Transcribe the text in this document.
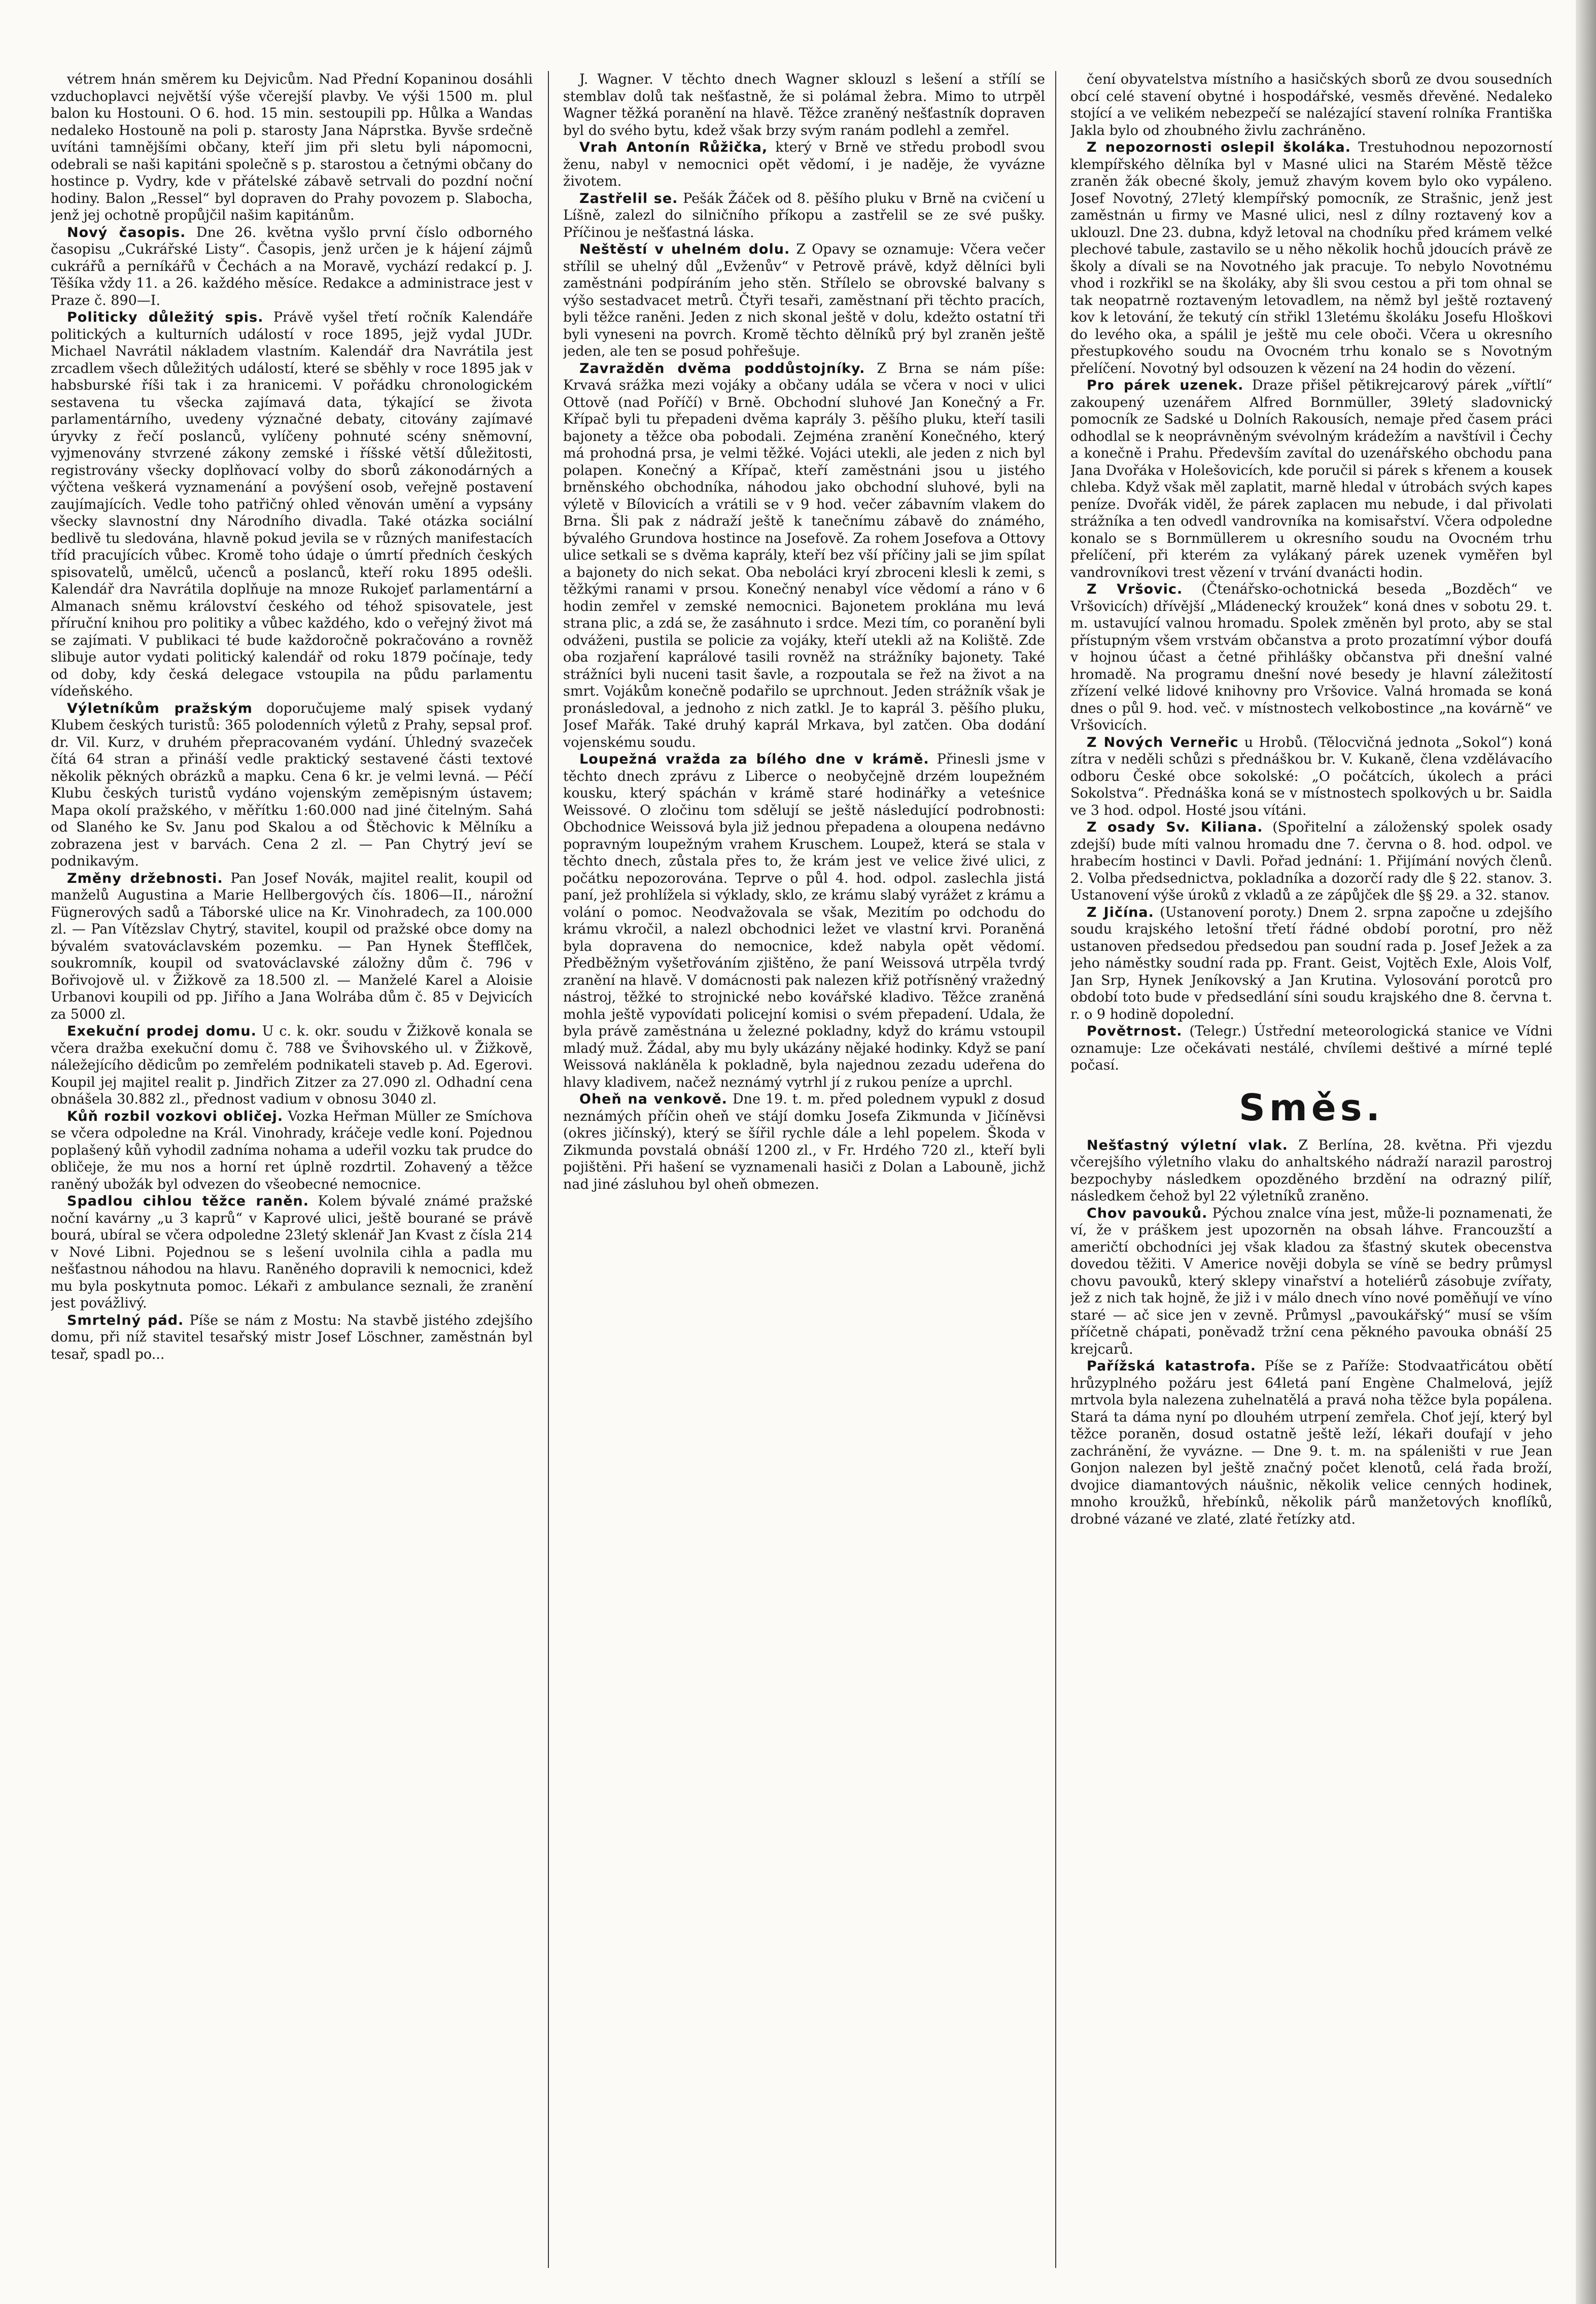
vétrem hnán směrem ku Dejvicům. Nad Přední Kopaninou dosáhli vzduchoplavci největší výše včerejší plavby. Ve výši 1500 m. plul balon ku Hostouni. O 6. hod. 15 min. sestoupili pp. Hůlka a Wandas nedaleko Hostouně na poli p. starosty Jana Náprstka. Byvše srdečně uvítáni tamnějšími občany, kteří jim při sletu byli nápomocni, odebrali se naši kapitáni společně s p. starostou a četnými občany do hostince p. Vydry, kde v přátelské zábavě setrvali do pozdní noční hodiny. Balon „Ressel“ byl dopraven do Prahy povozem p. Slabocha, jenž jej ochotně propůjčil našim kapitánům.

Nový časopis. Dne 26. května vyšlo první číslo odborného časopisu „Cukrářské Listy“. Časopis, jenž určen je k hájení zájmů cukrářů a perníkářů v Čechách a na Moravě, vychází redakcí p. J. Těšíka vždy 11. a 26. každého měsíce. Redakce a administrace jest v Praze č. 890—I.

Politicky důležitý spis. Právě vyšel třetí ročník Kalendáře politických a kulturních událostí v roce 1895, jejž vydal JUDr. Michael Navrátil nákladem vlastním. Kalendář dra Navrátila jest zrcadlem všech důležitých událostí, které se sběhly v roce 1895 jak v habsburské říši tak i za hranicemi. V pořádku chronologickém sestavena tu všecka zajímavá data, týkající se života parlamentárního, uvedeny význačné debaty, citovány zajímavé úryvky z řečí poslanců, vylíčeny pohnuté scény sněmovní, vyjmenovány stvrzené zákony zemské i říšské větší důležitosti, registrovány všecky doplňovací volby do sborů zákonodárných a výčtena veškerá vyznamenání a povýšení osob, veřejně postavení zaujímajících. Vedle toho patřičný ohled věnován umění a vypsány všecky slavnostní dny Národního divadla. Také otázka sociální bedlivě tu sledována, hlavně pokud jevila se v různých manifestacích tříd pracujících vůbec. Kromě toho údaje o úmrtí předních českých spisovatelů, umělců, učenců a poslanců, kteří roku 1895 odešli. Kalendář dra Navrátila doplňuje na mnoze Rukojeť parlamentární a Almanach sněmu království českého od téhož spisovatele, jest příruční knihou pro politiky a vůbec každého, kdo o veřejný život má se zajímati. V publikaci té bude každoročně pokračováno a rovněž slibuje autor vydati politický kalendář od roku 1879 počínaje, tedy od doby, kdy česká delegace vstoupila na půdu parlamentu vídeňského.

Výletníkům pražským doporučujeme malý spisek vydaný Klubem českých turistů: 365 polodenních výletů z Prahy, sepsal prof. dr. Vil. Kurz, v druhém přepracovaném vydání. Úhledný svazeček čítá 64 stran a přináší vedle praktický sestavené části textové několik pěkných obrázků a mapku. Cena 6 kr. je velmi levná. — Péčí Klubu českých turistů vydáno vojenským zeměpisným ústavem; Mapa okolí pražského, v měřítku 1:60.000 nad jiné čitelným. Sahá od Slaného ke Sv. Janu pod Skalou a od Štěchovic k Mělníku a zobrazena jest v barvách. Cena 2 zl. — Pan Chytrý jeví se podnikavým.

Změny držebnosti. Pan Josef Novák, majitel realit, koupil od manželů Augustina a Marie Hellbergových čís. 1806—II., nárožní Fügnerových sadů a Táborské ulice na Kr. Vinohradech, za 100.000 zl. — Pan Vítězslav Chytrý, stavitel, koupil od pražské obce domy na bývalém svatováclavském pozemku. — Pan Hynek Štefflček, soukromník, koupil od svatováclavské záložny dům č. 796 v Bořivojově ul. v Žižkově za 18.500 zl. — Manželé Karel a Aloisie Urbanovi koupili od pp. Jiřího a Jana Wolrába dům č. 85 v Dejvicích za 5000 zl.

Exekuční prodej domu. U c. k. okr. soudu v Žižkově konala se včera dražba exekuční domu č. 788 ve Švihovského ul. v Žižkově, náležejícího dědicům po zemřelém podnikateli staveb p. Ad. Egerovi. Koupil jej majitel realit p. Jindřich Zitzer za 27.090 zl. Odhadní cena obnášela 30.882 zl., přednost vadium v obnosu 3040 zl.

Kůň rozbil vozkovi obličej. Vozka Heřman Müller ze Smíchova se včera odpoledne na Král. Vinohrady, kráčeje vedle koní. Pojednou poplašený kůň vyhodil zadníma nohama a udeřil vozku tak prudce do obličeje, že mu nos a horní ret úplně rozdrtil. Zohavený a těžce raněný ubožák byl odvezen do všeobecné nemocnice.

Spadlou cihlou těžce raněn. Kolem bývalé známé pražské noční kavárny „u 3 kaprů“ v Kaprové ulici, ještě bourané se právě bourá, ubíral se včera odpoledne 23letý sklenář Jan Kvast z čísla 214 v Nové Libni. Pojednou se s lešení uvolnila cihla a padla mu nešťastnou náhodou na hlavu. Raněného dopravili k nemocnici, kdež mu byla poskytnuta pomoc. Lékaři z ambulance seznali, že zranění jest povážlivý.

Smrtelný pád. Píše se nám z Mostu: Na stavbě jistého zdejšího domu, při níž stavitel tesařský mistr Josef Löschner, zaměstnán byl tesař, spadl po...

J. Wagner. V těchto dnech Wagner sklouzl s lešení a střílí se stemblav dolů tak nešťastně, že si polámal žebra. Mimo to utrpěl Wagner těžká poranění na hlavě. Těžce zraněný nešťastník dopraven byl do svého bytu, kdež však brzy svým ranám podlehl a zemřel.

Vrah Antonín Růžička, který v Brně ve středu probodl svou ženu, nabyl v nemocnici opět vědomí, i je naděje, že vyvázne životem.

Zastřelil se. Pešák Žáček od 8. pěšího pluku v Brně na cvičení u Líšně, zalezl do silničního příkopu a zastřelil se ze své pušky. Příčinou je nešťastná láska.

Neštěstí v uhelném dolu. Z Opavy se oznamuje: Včera večer střílil se uhelný důl „Evženův“ v Petrově právě, když dělníci byli zaměstnáni podpíráním jeho stěn. Střílelo se obrovské balvany s výšo sestadvacet metrů. Čtyři tesaři, zaměstnaní při těchto pracích, byli těžce raněni. Jeden z nich skonal ještě v dolu, kdežto ostatní tři byli vyneseni na povrch. Kromě těchto dělníků prý byl zraněn ještě jeden, ale ten se posud pohřešuje.

Zavražděn dvěma poddůstojníky. Z Brna se nám píše: Krvavá srážka mezi vojáky a občany udála se včera v noci v ulici Ottově (nad Poříčí) v Brně. Obchodní sluhové Jan Konečný a Fr. Křípač byli tu přepadeni dvěma kaprály 3. pěšího pluku, kteří tasili bajonety a těžce oba pobodali. Zejména zranění Konečného, který má prohodná prsa, je velmi těžké. Vojáci utekli, ale jeden z nich byl polapen. Konečný a Křípač, kteří zaměstnáni jsou u jistého brněnského obchodníka, náhodou jako obchodní sluhové, byli na výletě v Bílovicích a vrátili se v 9 hod. večer zábavním vlakem do Brna. Šli pak z nádraží ještě k tanečnímu zábavě do známého, bývalého Grundova hostince na Josefově. Za rohem Josefova a Ottovy ulice setkali se s dvěma kaprály, kteří bez vší příčiny jali se jim spílat a bajonety do nich sekat. Oba neboláci kryí zbroceni klesli k zemi, s těžkými ranami v prsou. Konečný nenabyl více vědomí a ráno v 6 hodin zemřel v zemské nemocnici. Bajonetem proklána mu levá strana plic, a zdá se, že zasáhnuto i srdce. Mezi tím, co poranění byli odváženi, pustila se policie za vojáky, kteří utekli až na Koliště. Zde oba rozjaření kaprálové tasili rovněž na strážníky bajonety. Také strážníci byli nuceni tasit šavle, a rozpoutala se řež na život a na smrt. Vojákům konečně podařilo se uprchnout. Jeden strážník však je pronásledoval, a jednoho z nich zatkl. Je to kaprál 3. pěšího pluku, Josef Mařák. Také druhý kaprál Mrkava, byl zatčen. Oba dodání vojenskému soudu.

Loupežná vražda za bílého dne v krámě. Přinesli jsme v těchto dnech zprávu z Liberce o neobyčejně drzém loupežném kousku, který spáchán v krámě staré hodinářky a veteśnice Weissové. O zločinu tom sdělují se ještě následující podrobnosti: Obchodnice Weissová byla již jednou přepadena a oloupena nedávno popravným loupežným vrahem Kruschem. Loupež, která se stala v těchto dnech, zůstala přes to, že krám jest ve velice živé ulici, z počátku nepozorována. Teprve o půl 4. hod. odpol. zaslechla jistá paní, jež prohlížela si výklady, sklo, ze krámu slabý vyrážet z krámu a volání o pomoc. Neodvažovala se však, Mezitím po odchodu do krámu vkročil, a nalezl obchodnici ležet ve vlastní krvi. Poraněná byla dopravena do nemocnice, kdež nabyla opět vědomí. Předběžným vyšetřováním zjištěno, že paní Weissová utrpěla tvrdý zranění na hlavě. V domácnosti pak nalezen křiž potřísněný vražedný nástroj, těžké to strojnické nebo kovářské kladivo. Těžce zraněná mohla ještě vypovídati policejní komisi o svém přepadení. Udala, že byla právě zaměstnána u železné pokladny, když do krámu vstoupil mladý muž. Žádal, aby mu byly ukázány nějaké hodinky. Když se paní Weissová nakláněla k pokladně, byla najednou zezadu udeřena do hlavy kladivem, načež neznámý vytrhl jí z rukou peníze a uprchl.

Oheň na venkově. Dne 19. t. m. před polednem vypukl z dosud neznámých příčin oheň ve stájí domku Josefa Zikmunda v Jičíněvsi (okres jičínský), který se šířil rychle dále a lehl popelem. Škoda v Zikmunda povstalá obnáší 1200 zl., v Fr. Hrdého 720 zl., kteří byli pojištěni. Při hašení se vyznamenali hasiči z Dolan a Labouně, jichž nad jiné zásluhou byl oheň obmezen.

čení obyvatelstva místního a hasičských sborů ze dvou sousedních obcí celé stavení obytné i hospodářské, vesměs dřevěné. Nedaleko stojící a ve velikém nebezpečí se nalézající stavení rolníka Františka Jakla bylo od zhoubného živlu zachráněno.

Z nepozornosti oslepil školáka. Trestuhodnou nepozorností klempířského dělníka byl v Masné ulici na Starém Městě těžce zraněn žák obecné školy, jemuž zhavým kovem bylo oko vypáleno. Josef Novotný, 27letý klempířský pomocník, ze Strašnic, jenž jest zaměstnán u firmy ve Masné ulici, nesl z dílny roztavený kov a uklouzl. Dne 23. dubna, když letoval na chodníku před krámem velké plechové tabule, zastavilo se u něho několik hochů jdoucích právě ze školy a dívali se na Novotného jak pracuje. To nebylo Novotnému vhod i rozkřikl se na školáky, aby šli svou cestou a při tom ohnal se tak neopatrně roztaveným letovadlem, na němž byl ještě roztavený kov k letování, že tekutý cín střikl 13letému školáku Josefu Hloškovi do levého oka, a spálil je ještě mu cele oboči. Včera u okresního přestupkového soudu na Ovocném trhu konalo se s Novotným přelíčení. Novotný byl odsouzen k vězení na 24 hodin do vězení.

Pro párek uzenek. Draze přišel pětikrejcarový párek „vířtlí“ zakoupený uzenářem Alfred Bornmüller, 39letý sladovnický pomocník ze Sadské u Dolních Rakousích, nemaje před časem práci odhodlal se k neoprávněným svévolným krádežím a navštívil i Čechy a konečně i Prahu. Především zavítal do uzenářského obchodu pana Jana Dvořáka v Holešovicích, kde poručil si párek s křenem a kousek chleba. Když však měl zaplatit, marně hledal v útrobách svých kapes peníze. Dvořák viděl, že párek zaplacen mu nebude, i dal přivolati strážníka a ten odvedl vandrovníka na komisařství. Včera odpoledne konalo se s Bornmüllerem u okresního soudu na Ovocném trhu přelíčení, při kterém za vylákaný párek uzenek vyměřen byl vandrovníkovi trest vězení v trvání dvanácti hodin.

Z Vršovic. (Čtenářsko-ochotnická beseda „Bozděch“ ve Vršovicích) dřívější „Mládenecký kroužek“ koná dnes v sobotu 29. t. m. ustavující valnou hromadu. Spolek změněn byl proto, aby se stal přístupným všem vrstvám občanstva a proto prozatímní výbor doufá v hojnou účast a četné přihlášky občanstva při dnešní valné hromadě. Na programu dnešní nové besedy je hlavní záležitostí zřízení velké lidové knihovny pro Vršovice. Valná hromada se koná dnes o půl 9. hod. več. v místnostech velkobostince „na kovárně“ ve Vršovicích.

Z Nových Verneřic u Hrobů. (Tělocvičná jednota „Sokol“) koná zítra v neděli schůzi s přednáškou br. V. Kukaně, člena vzdělávacího odboru České obce sokolské: „O počátcích, úkolech a práci Sokolstva“. Přednáška koná se v místnostech spolkových u br. Saidla ve 3 hod. odpol. Hosté jsou vítáni.

Z osady Sv. Kiliana. (Spořitelní a záloženský spolek osady zdejší) bude míti valnou hromadu dne 7. června o 8. hod. odpol. ve hrabecím hostinci v Davli. Pořad jednání: 1. Přijímání nových členů. 2. Volba předsednictva, pokladníka a dozorčí rady dle § 22. stanov. 3. Ustanovení výše úroků z vkladů a ze zápůjček dle §§ 29. a 32. stanov.

Z Jičína. (Ustanovení poroty.) Dnem 2. srpna započne u zdejšího soudu krajského letošní třetí řádné období porotní, pro něž ustanoven předsedou předsedou pan soudní rada p. Josef Ježek a za jeho náměstky soudní rada pp. Frant. Geist, Vojtěch Exle, Alois Volf, Jan Srp, Hynek Jeníkovský a Jan Krutina. Vylosování porotců pro období toto bude v předsedlání síni soudu krajského dne 8. června t. r. o 9 hodině dopolední.

Povětrnost. (Telegr.) Ústřední meteorologická stanice ve Vídni oznamuje: Lze očekávati nestálé, chvílemi deštivé a mírné teplé počasí.

Směs.

Nešťastný výletní vlak. Z Berlína, 28. května. Při vjezdu včerejšího výletního vlaku do anhaltského nádraží narazil parostroj bezpochyby následkem opozděného brzdění na odrazný pilíř, následkem čehož byl 22 výletníků zraněno.

Chov pavouků. Pýchou znalce vína jest, může-li poznamenati, že ví, že v práškem jest upozorněn na obsah láhve. Francouzští a američtí obchodníci jej však kladou za šťastný skutek obecenstva dovedou těžiti. V Americe nověji dobyla se víně se bedry průmysl chovu pavouků, který sklepy vinařství a hoteliérů zásobuje zvířaty, jež z nich tak hojně, že již i v málo dnech víno nové poměňují ve víno staré — ač sice jen v zevně. Průmysl „pavoukářský“ musí se vším příčetně chápati, poněvadž tržní cena pěkného pavouka obnáší 25 krejcarů.

Pařížská katastrofa. Píše se z Paříže: Stodvaatřicátou obětí hrůzyplného požáru jest 64letá paní Engène Chalmelová, jejíž mrtvola byla nalezena zuhelnatělá a pravá noha těžce byla popálena. Stará ta dáma nyní po dlouhém utrpení zemřela. Choť její, který byl těžce poraněn, dosud ostatně ještě leží, lékaři doufají v jeho zachránění, že vyvázne. — Dne 9. t. m. na spáleništi v rue Jean Gonjon nalezen byl ještě značný počet klenotů, celá řada broží, dvojice diamantových náušnic, několik velice cenných hodinek, mnoho kroužků, hřebínků, několik párů manžetových knoflíků, drobné vázané ve zlaté, zlaté řetízky atd.
